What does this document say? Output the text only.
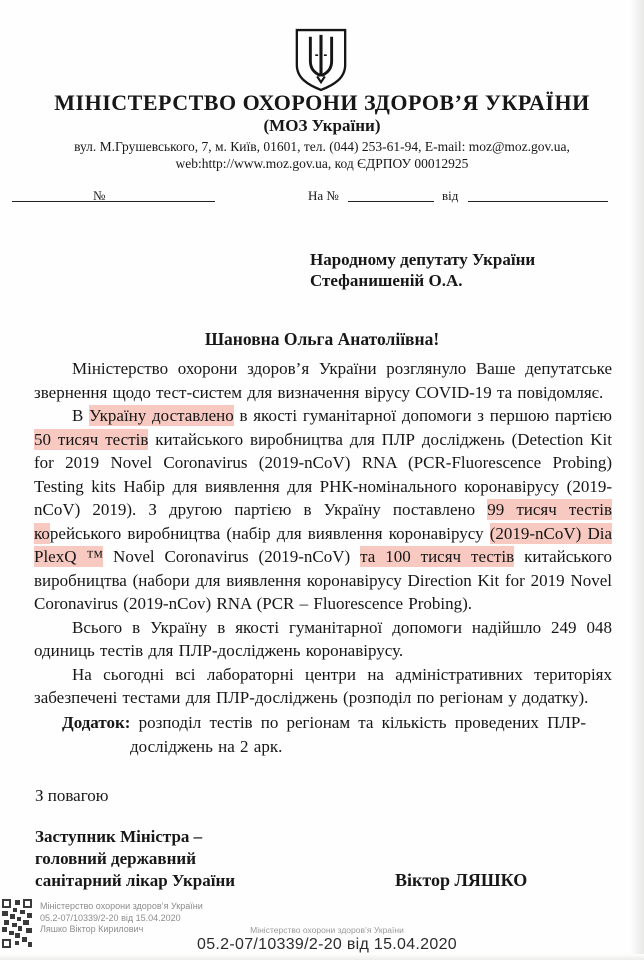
МІНІСТЕРСТВО ОХОРОНИ ЗДОРОВ’Я УКРАЇНИ
(МОЗ України)
вул. М.Грушевського, 7, м. Київ, 01601, тел. (044) 253-61-94, E-mail: moz@moz.gov.ua,
web:http://www.moz.gov.ua, код ЄДРПОУ 00012925
№	На №	від
Народному депутату України
Стефанишеній О.А.
Шановна Ольга Анатоліївна!

Міністерство охорони здоров’я України розглянуло Ваше депутатське звернення щодо тест-систем для визначення вірусу COVID-19 та повідомляє.

В Україну доставлено в якості гуманітарної допомоги з першою партією 50 тисяч тестів китайського виробництва для ПЛР досліджень (Detection Kit for 2019 Novel Coronavirus (2019-nCoV) RNA (PCR-Fluorescence Probing) Testing kits Набір для виявлення для РНК-номінального коронавірусу (2019-nCoV) 2019). З другою партією в Україну поставлено 99 тисяч тестів корейського виробництва (набір для виявлення коронавірусу (2019-nCoV) Dia PlexQ ™ Novel Coronavirus (2019-nCoV) та 100 тисяч тестів китайського виробництва (набори для виявлення коронавірусу Direction Kit for 2019 Novel Coronavirus (2019-nCov) RNA (PCR – Fluorescence Probing).

Всього в Україну в якості гуманітарної допомоги надійшло 249 048 одиниць тестів для ПЛР-досліджень коронавірусу.

На сьогодні всі лабораторні центри на адміністративних територіях забезпечені тестами для ПЛР-досліджень (розподіл по регіонам у додатку).

Додаток: розподіл тестів по регіонам та кількість проведених ПЛР-досліджень на 2 арк.
З повагою
Заступник Міністра –
головний державний
санітарний лікар України	Віктор ЛЯШКО
Міністерство охорони здоров’я України
05.2-07/10339/2-20 від 15.04.2020
Ляшко Віктор Кирилович	Міністерство охорони здоров’я України
05.2-07/10339/2-20 від 15.04.2020
